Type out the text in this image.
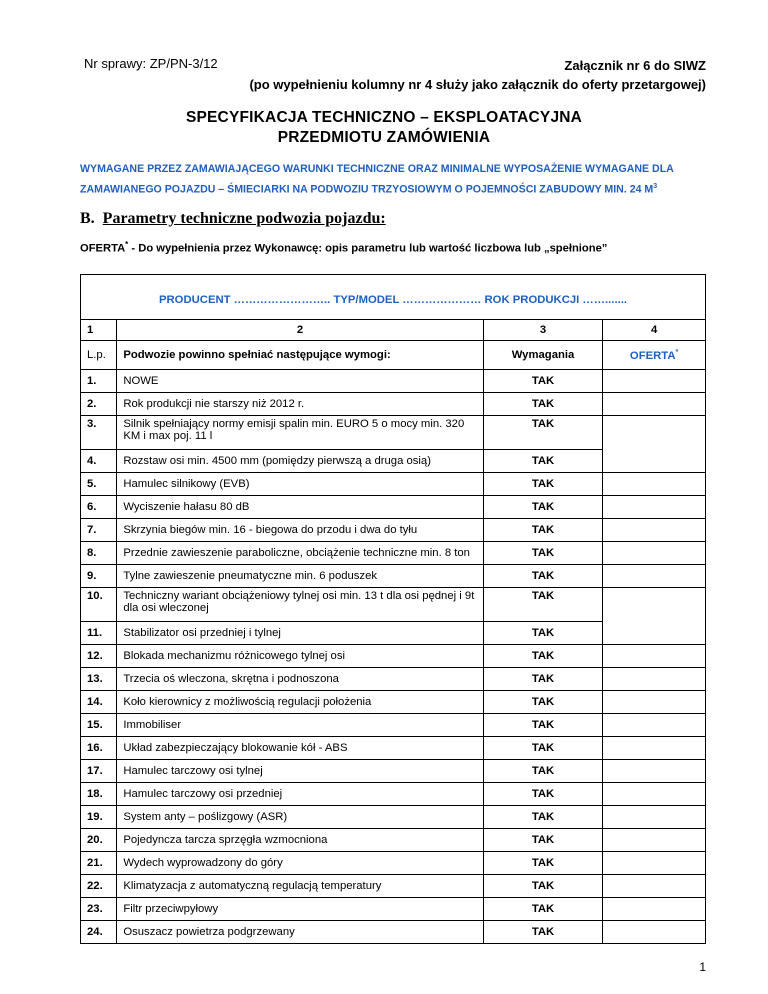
Nr sprawy: ZP/PN-3/12	Załącznik nr 6 do SIWZ
(po wypełnieniu kolumny nr 4 służy jako załącznik do oferty przetargowej)
SPECYFIKACJA TECHNICZNO – EKSPLOATACYJNA
PRZEDMIOTU ZAMÓWIENIA
WYMAGANE PRZEZ ZAMAWIAJĄCEGO WARUNKI TECHNICZNE ORAZ MINIMALNE WYPOSAŻENIE WYMAGANE DLA ZAMAWIANEGO POJAZDU – ŚMIECIARKI NA PODWOZIU TRZYOSIOWYM O POJEMNOŚCI ZABUDOWY MIN. 24 $M^3$
B. Parametry techniczne podwozia pojazdu:
OFERTA* - Do wypełnienia przez Wykonawcę: opis parametru lub wartość liczbowa lub „spełnione”
PRODUCENT …………………….. TYP/MODEL ………………… ROK PRODUKCJI …….......			
1	2	3	4
L.p.	Podwozie powinno spełniać następujące wymogi:	Wymagania	OFERTA*
1.	NOWE	TAK	
2.	Rok produkcji nie starszy niż 2012 r.	TAK	
3.	Silnik spełniający normy emisji spalin min. EURO 5 o mocy min. 320 KM i max poj. 11 l	TAK	
4.	Rozstaw osi min. 4500 mm (pomiędzy pierwszą a druga osią)	TAK	
5.	Hamulec silnikowy (EVB)	TAK	
6.	Wyciszenie hałasu 80 dB	TAK	
7.	Skrzynia biegów min. 16 - biegowa do przodu i dwa do tyłu	TAK	
8.	Przednie zawieszenie paraboliczne, obciążenie techniczne min. 8 ton	TAK	
9.	Tylne zawieszenie pneumatyczne min. 6 poduszek	TAK	
10.	Techniczny wariant obciążeniowy tylnej osi min. 13 t dla osi pędnej i 9t dla osi wleczonej	TAK	
11.	Stabilizator osi przedniej i tylnej	TAK	
12.	Blokada mechanizmu różnicowego tylnej osi	TAK	
13.	Trzecia oś wleczona, skrętna i podnoszona	TAK	
14.	Koło kierownicy z możliwością regulacji położenia	TAK	
15.	Immobiliser	TAK	
16.	Układ zabezpieczający blokowanie kół - ABS	TAK	
17.	Hamulec tarczowy osi tylnej	TAK	
18.	Hamulec tarczowy osi przedniej	TAK	
19.	System anty – poślizgowy (ASR)	TAK	
20.	Pojedyncza tarcza sprzęgła wzmocniona	TAK	
21.	Wydech wyprowadzony do góry	TAK	
22.	Klimatyzacja z automatyczną regulacją temperatury	TAK	
23.	Filtr przeciwpyłowy	TAK	
24.	Osuszacz powietrza podgrzewany	TAK	
1
